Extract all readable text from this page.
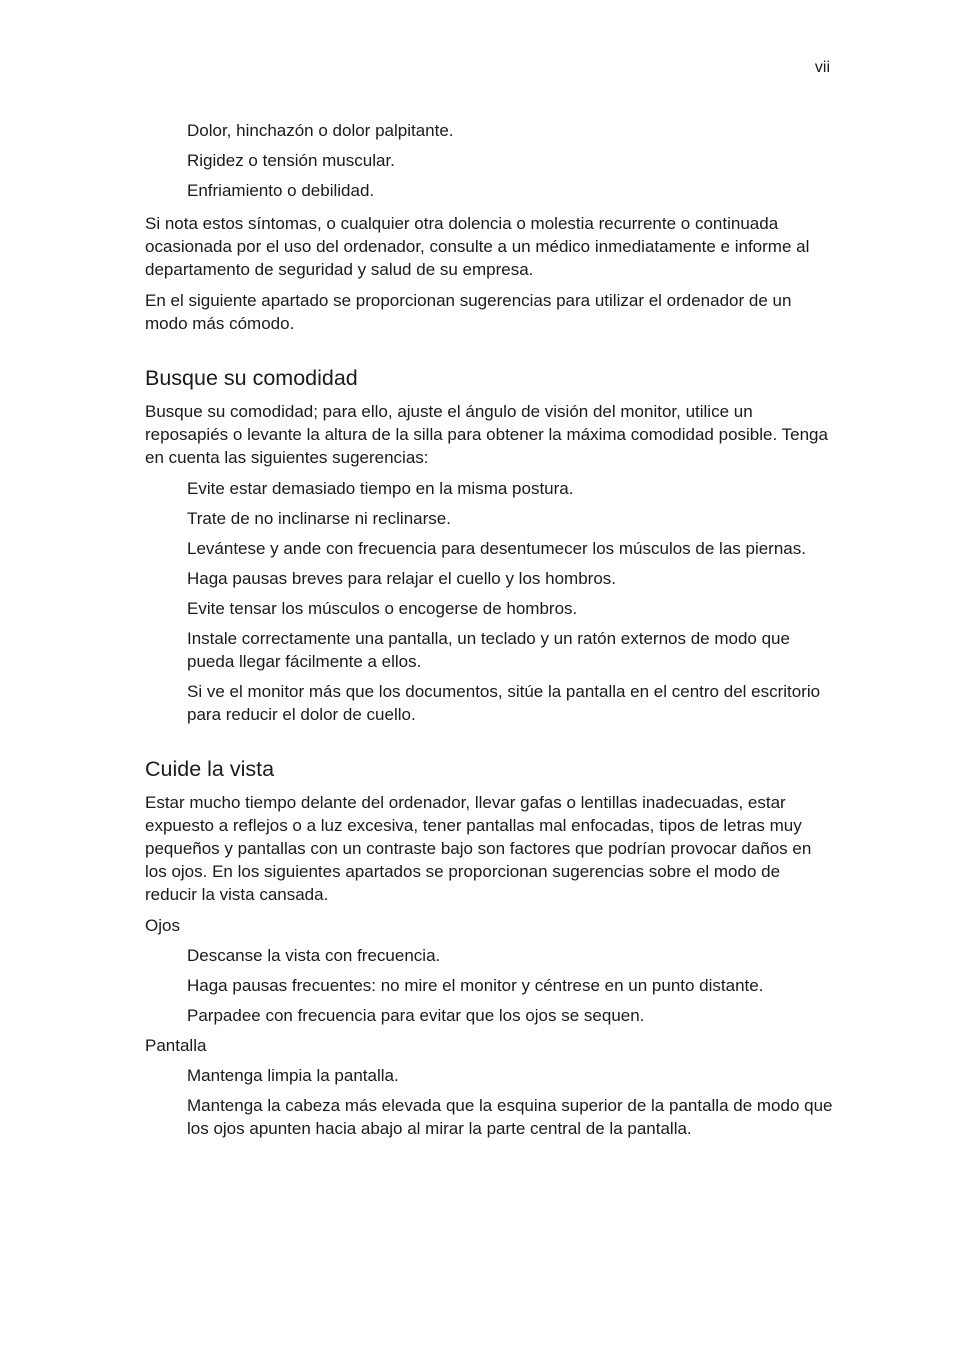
vii
Dolor, hinchazón o dolor palpitante.
Rigidez o tensión muscular.
Enfriamiento o debilidad.

Si nota estos síntomas, o cualquier otra dolencia o molestia recurrente o continuada ocasionada por el uso del ordenador, consulte a un médico inmediatamente e informe al departamento de seguridad y salud de su empresa.

En el siguiente apartado se proporcionan sugerencias para utilizar el ordenador de un modo más cómodo.

Busque su comodidad

Busque su comodidad; para ello, ajuste el ángulo de visión del monitor, utilice un reposapiés o levante la altura de la silla para obtener la máxima comodidad posible. Tenga en cuenta las siguientes sugerencias:

Evite estar demasiado tiempo en la misma postura.
Trate de no inclinarse ni reclinarse.
Levántese y ande con frecuencia para desentumecer los músculos de las piernas.
Haga pausas breves para relajar el cuello y los hombros.
Evite tensar los músculos o encogerse de hombros.
Instale correctamente una pantalla, un teclado y un ratón externos de modo que pueda llegar fácilmente a ellos.
Si ve el monitor más que los documentos, sitúe la pantalla en el centro del escritorio para reducir el dolor de cuello.
Cuide la vista

Estar mucho tiempo delante del ordenador, llevar gafas o lentillas inadecuadas, estar expuesto a reflejos o a luz excesiva, tener pantallas mal enfocadas, tipos de letras muy pequeños y pantallas con un contraste bajo son factores que podrían provocar daños en los ojos. En los siguientes apartados se proporcionan sugerencias sobre el modo de reducir la vista cansada.

Ojos
Descanse la vista con frecuencia.
Haga pausas frecuentes: no mire el monitor y céntrese en un punto distante.
Parpadee con frecuencia para evitar que los ojos se sequen.
Pantalla
Mantenga limpia la pantalla.
Mantenga la cabeza más elevada que la esquina superior de la pantalla de modo que los ojos apunten hacia abajo al mirar la parte central de la pantalla.
